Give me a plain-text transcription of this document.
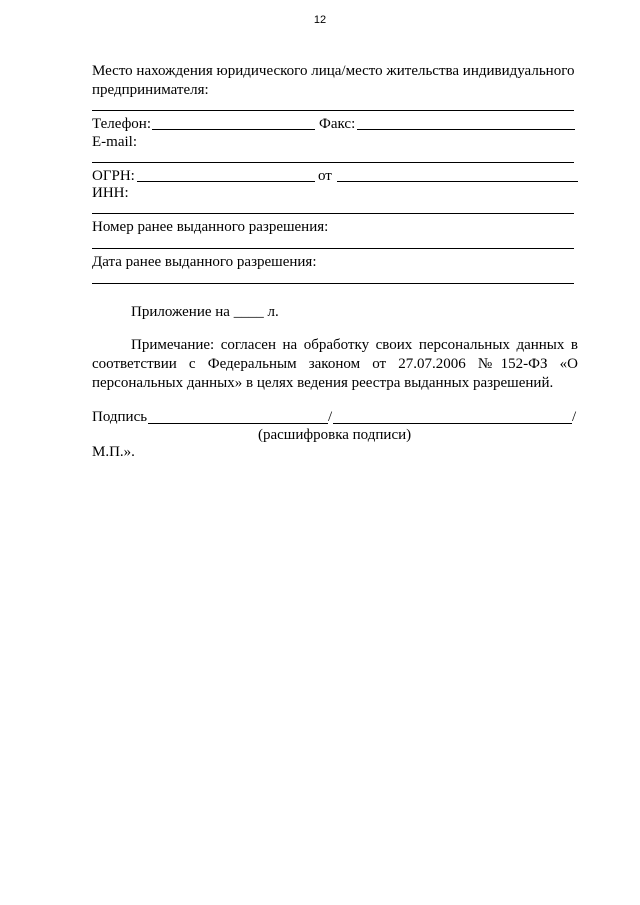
12
Место нахождения юридического лица/место жительства индивидуального
предпринимателя:
Телефон:	Факс:
E-mail:
ОГРН:	от
ИНН:
Номер ранее выданного разрешения:
Дата ранее выданного разрешения:
Приложение на ____ л.
Примечание: согласен на обработку своих персональных данных в
соответствии с Федеральным законом от 27.07.2006 №152-ФЗ «О
персональных данных» в целях ведения реестра выданных разрешений.
Подпись	/	/
(расшифровка подписи)
М.П.».
